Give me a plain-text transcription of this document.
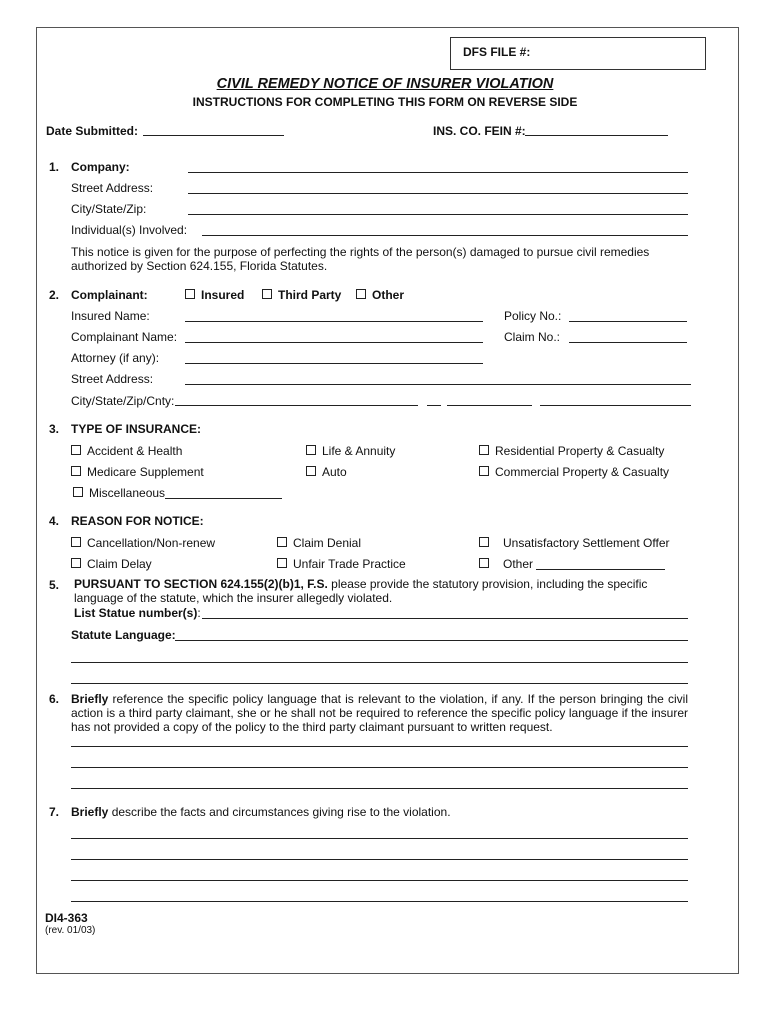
DFS FILE #:
CIVIL REMEDY NOTICE OF INSURER VIOLATION
INSTRUCTIONS FOR COMPLETING THIS FORM ON REVERSE SIDE
Date Submitted:	INS. CO. FEIN #:
1. Company:
Street Address:
City/State/Zip:
Individual(s) Involved:
This notice is given for the purpose of perfecting the rights of the person(s) damaged to pursue civil remedies authorized by Section 624.155, Florida Statutes.
2. Complainant:	Insured	Third Party	Other
Insured Name:	Policy No.:
Complainant Name:	Claim No.:
Attorney (if any):
Street Address:
City/State/Zip/Cnty:
3. TYPE OF INSURANCE:
Accident & Health	Life & Annuity	Residential Property & Casualty
Medicare Supplement	Auto	Commercial Property & Casualty
Miscellaneous
4. REASON FOR NOTICE:
Cancellation/Non-renew	Claim Denial	Unsatisfactory Settlement Offer
Claim Delay	Unfair Trade Practice	Other
5. PURSUANT TO SECTION 624.155(2)(b)1, F.S. please provide the statutory provision, including the specific language of the statute, which the insurer allegedly violated.
List Statue number(s):
Statute Language:
6. Briefly reference the specific policy language that is relevant to the violation, if any. If the person bringing the civil action is a third party claimant, she or he shall not be required to reference the specific policy language if the insurer has not provided a copy of the policy to the third party claimant pursuant to written request.
7. Briefly describe the facts and circumstances giving rise to the violation.
DI4-363
(rev. 01/03)
